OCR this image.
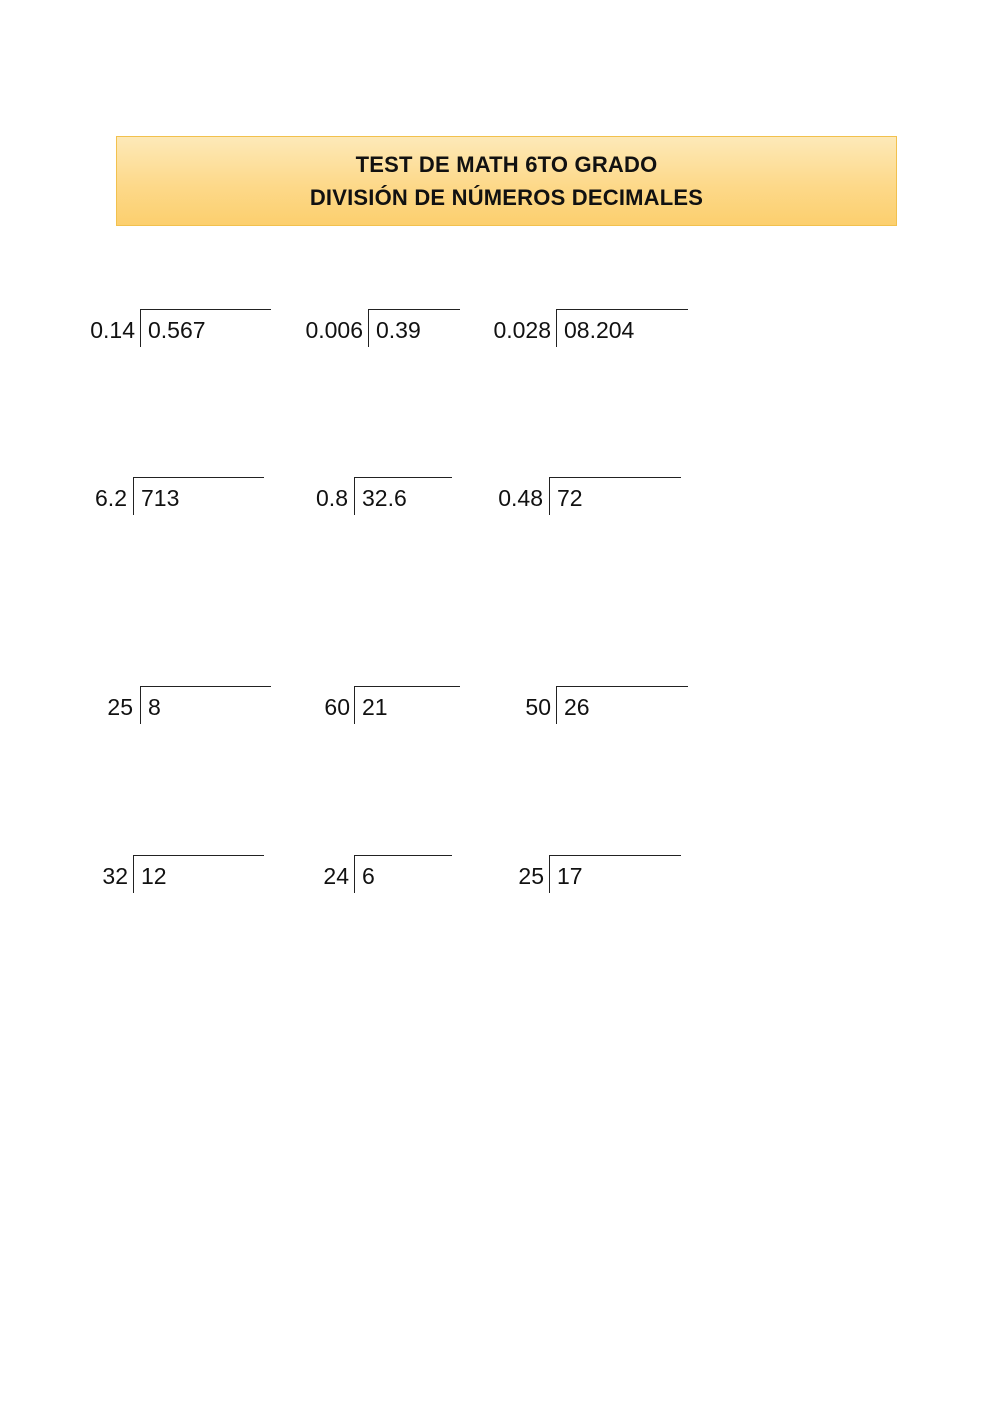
TEST DE MATH 6TO GRADO
DIVISIÓN DE NÚMEROS DECIMALES
0.14 0.567	0.006 0.39	0.028 08.204
6.2 713	0.8 32.6	0.48 72
25 8	60 21	50 26
32 12	24 6	25 17
